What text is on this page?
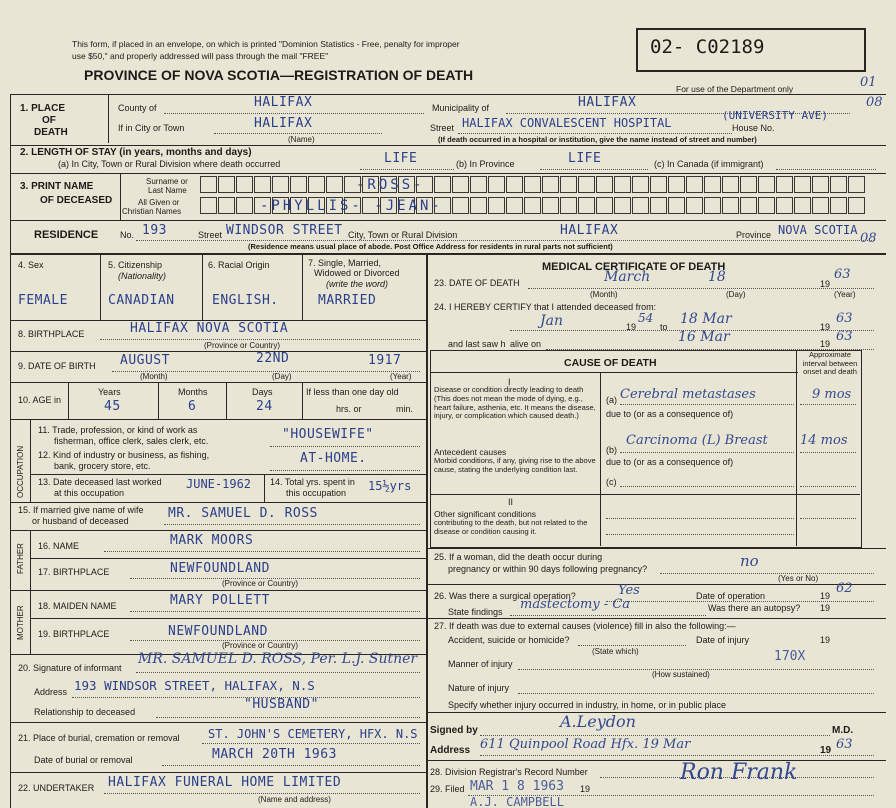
This form, if placed in an envelope, on which is printed "Dominion Statistics - Free, penalty for improper
use $50," and properly addressed will pass through the mail "FREE"
PROVINCE OF NOVA SCOTIA—REGISTRATION OF DEATH
02- C02189
For use of the Department only	01
08
08
1. PLACE
OF
DEATH
County of	HALIFAX	Municipality of	HALIFAX
If in City or Town	HALIFAX
(Name)
Street HALIFAX CONVALESCENT HOSPITAL
(UNIVERSITY AVE)
House No.
(If death occurred in a hospital or institution, give the name instead of street and number)
2. LENGTH OF STAY (in years, months and days)
(a) In City, Town or Rural Division where death occurred	LIFE	(b) In Province	LIFE	(c) In Canada (if immigrant)
3. PRINT NAME
OF DECEASED
Surname or
Last Name
All Given or
Christian Names
-ROSS-
-PHYLLIS- -JEAN-
RESIDENCE No. 193	Street WINDSOR STREET City, Town or Rural Division	HALIFAX	Province NOVA SCOTIA
(Residence means usual place of abode. Post Office Address for residents in rural parts not sufficient)
4. Sex	5. Citizenship
(Nationality)
6. Racial Origin	7. Single, Married,
Widowed or Divorced
(write the word)
FEMALE	CANADIAN	ENGLISH.	MARRIED
8. BIRTHPLACE	HALIFAX NOVA SCOTIA
(Province or Country)
9. DATE OF BIRTH AUGUST	22ND	1917
(Month)	(Day)	(Year)
10. AGE in
Years	Months	Days
45	6	24
If less than one day old
hrs. or	min.
OCCUPATION
11. Trade, profession, or kind of work as
fisherman, office clerk, sales clerk, etc.	"HOUSEWIFE"
12. Kind of industry or business, as fishing,
bank, grocery store, etc.	AT-HOME.
13. Date deceased last worked
at this occupation
JUNE-1962 14. Total yrs. spent in
this occupation 15½yrs
15. If married give name of wife
or husband of deceased	MR. SAMUEL D. ROSS
FATHER 16. NAME	MARK MOORS
17. BIRTHPLACE	NEWFOUNDLAND
(Province or Country)
MOTHER 18. MAIDEN NAME	MARY POLLETT
19. BIRTHPLACE	NEWFOUNDLAND
(Province or Country)
20. Signature of informant
MR. SAMUEL D. ROSS, Per. L.J. Sutner
Address 193 WINDSOR STREET, HALIFAX, N.S
Relationship to deceased	"HUSBAND"
21. Place of burial, cremation or removal ST. JOHN'S CEMETERY, HFX. N.S
Date of burial or removal	MARCH 20TH 1963
22. UNDERTAKER HALIFAX FUNERAL HOME LIMITED
(Name and address)
MEDICAL CERTIFICATE OF DEATH
23. DATE OF DEATH	March	18	19
63
(Month)	(Day)	(Year)
24. I HEREBY CERTIFY that I attended deceased from:
Jan	19
54
to 18 Mar	19
63
and last saw h alive on	16 Mar	19 63
CAUSE OF DEATH
Approximate interval between onset and death
I
Disease or condition directly leading to death
(This does not mean the mode of dying, e.g., heart failure, asthenia, etc. It means the disease, injury, or complication which caused death.)
(a) Cerebral metastases	9 mos
due to (or as a consequence of)
Antecedent causes
Morbid conditions, if any, giving rise to the above cause, stating the underlying condition last.
(b)
Carcinoma (L) Breast 14 mos
due to (or as a consequence of)
(c)
II
Other significant conditions
contributing to the death, but not related to the disease or condition causing it.
25. If a woman, did the death occur during
pregnancy or within 90 days following pregnancy?	no
(Yes or No)
26. Was there a surgical operation?	Yes	Date of operation	19 62
State findings mastectomy - Ca	Was there an autopsy? 19
27. If death was due to external causes (violence) fill in also the following:—
Accident, suicide or homicide?	Date of injury	19
(State which)
Manner of injury	170X
(How sustained)
Nature of injury
Specify whether injury occurred in industry, in home, or in public place
Signed by	A.Leydon	M.D.
Address 611 Quinpool Road Hfx. 19 Mar	19 63
28. Division Registrar's Record Number
29. Filed MAR 1 8 1963 19
A.J. CAMPBELL
Ron Frank
